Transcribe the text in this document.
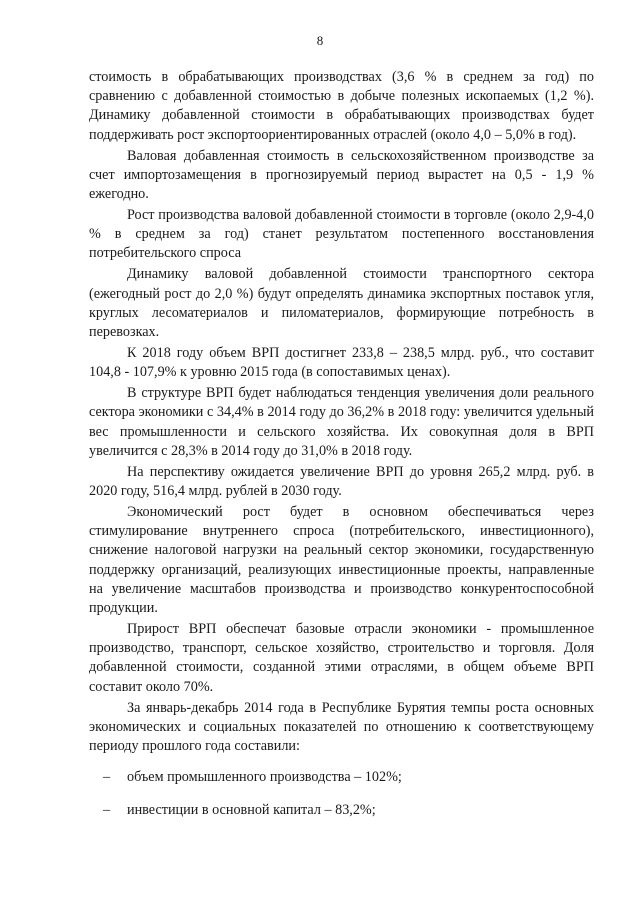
8

стоимость в обрабатывающих производствах (3,6 % в среднем за год) по сравнению с добавленной стоимостью в добыче полезных ископаемых (1,2 %). Динамику добавленной стоимости в обрабатывающих производствах будет поддерживать рост экспортоориентированных отраслей (около 4,0 – 5,0% в год).

Валовая добавленная стоимость в сельскохозяйственном производстве за счет импортозамещения в прогнозируемый период вырастет на 0,5 - 1,9 % ежегодно.

Рост производства валовой добавленной стоимости в торговле (около 2,9-4,0 % в среднем за год) станет результатом постепенного восстановления потребительского спроса

Динамику валовой добавленной стоимости транспортного сектора (ежегодный рост до 2,0 %) будут определять динамика экспортных поставок угля, круглых лесоматериалов и пиломатериалов, формирующие потребность в перевозках.

К 2018 году объем ВРП достигнет 233,8 – 238,5 млрд. руб., что составит 104,8 - 107,9% к уровню 2015 года (в сопоставимых ценах).

В структуре ВРП будет наблюдаться тенденция увеличения доли реального сектора экономики с 34,4% в 2014 году до 36,2% в 2018 году: увеличится удельный вес промышленности и сельского хозяйства. Их совокупная доля в ВРП увеличится с 28,3% в 2014 году до 31,0% в 2018 году.

На перспективу ожидается увеличение ВРП до уровня 265,2 млрд. руб. в 2020 году, 516,4 млрд. рублей в 2030 году.

Экономический рост будет в основном обеспечиваться через стимулирование внутреннего спроса (потребительского, инвестиционного), снижение налоговой нагрузки на реальный сектор экономики, государственную поддержку организаций, реализующих инвестиционные проекты, направленные на увеличение масштабов производства и производство конкурентоспособной продукции.

Прирост ВРП обеспечат базовые отрасли экономики - промышленное производство, транспорт, сельское хозяйство, строительство и торговля. Доля добавленной стоимости, созданной этими отраслями, в общем объеме ВРП составит около 70%.

За январь-декабрь 2014 года в Республике Бурятия темпы роста основных экономических и социальных показателей по отношению к соответствующему периоду прошлого года составили:

–	объем промышленного производства – 102%;
–	инвестиции в основной капитал – 83,2%;
